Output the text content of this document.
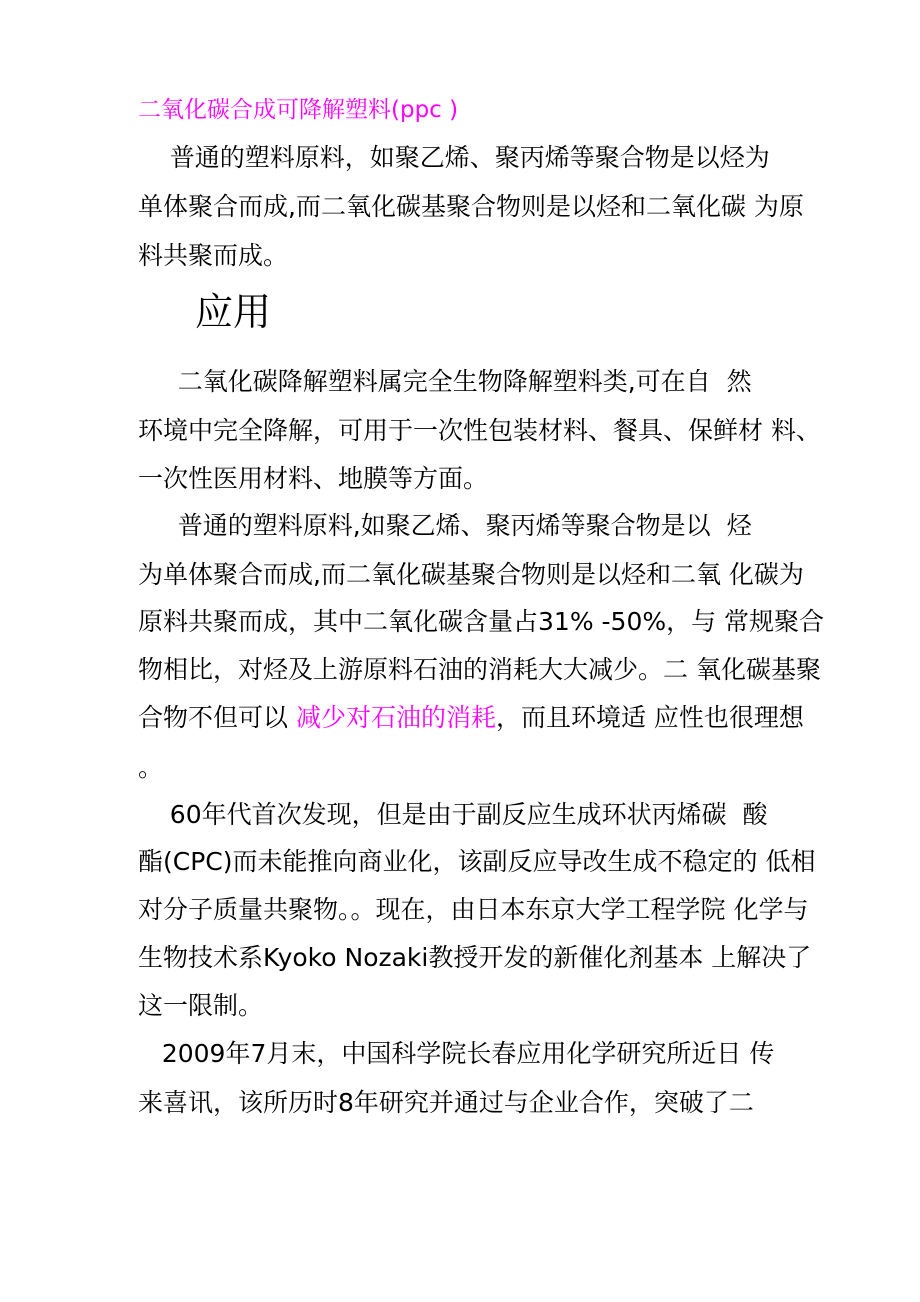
二氧化碳合成可降解塑料(ppc )
普通的塑料原料，如聚乙烯、聚丙烯等聚合物是以烃为
单体聚合而成,而二氧化碳基聚合物则是以烃和二氧化碳 为原
料共聚而成。
应用
二氧化碳降解塑料属完全生物降解塑料类,可在自  然
环境中完全降解，可用于一次性包装材料、餐具、保鲜材 料、
一次性医用材料、地膜等方面。
普通的塑料原料,如聚乙烯、聚丙烯等聚合物是以  烃
为单体聚合而成,而二氧化碳基聚合物则是以烃和二氧 化碳为
原料共聚而成，其中二氧化碳含量占31% -50%，与 常规聚合
物相比，对烃及上游原料石油的消耗大大减少。二 氧化碳基聚
合物不但可以 减少对石油的消耗，而且环境适 应性也很理想
。
60年代首次发现，但是由于副反应生成环状丙烯碳  酸
酯(CPC)而未能推向商业化，该副反应导改生成不稳定的 低相
对分子质量共聚物。。现在，由日本东京大学工程学院 化学与
生物技术系Kyoko Nozaki教授开发的新催化剂基本 上解决了
这一限制。
2009年7月末，中国科学院长春应用化学研究所近日 传
来喜讯，该所历时8年研究并通过与企业合作，突破了二
